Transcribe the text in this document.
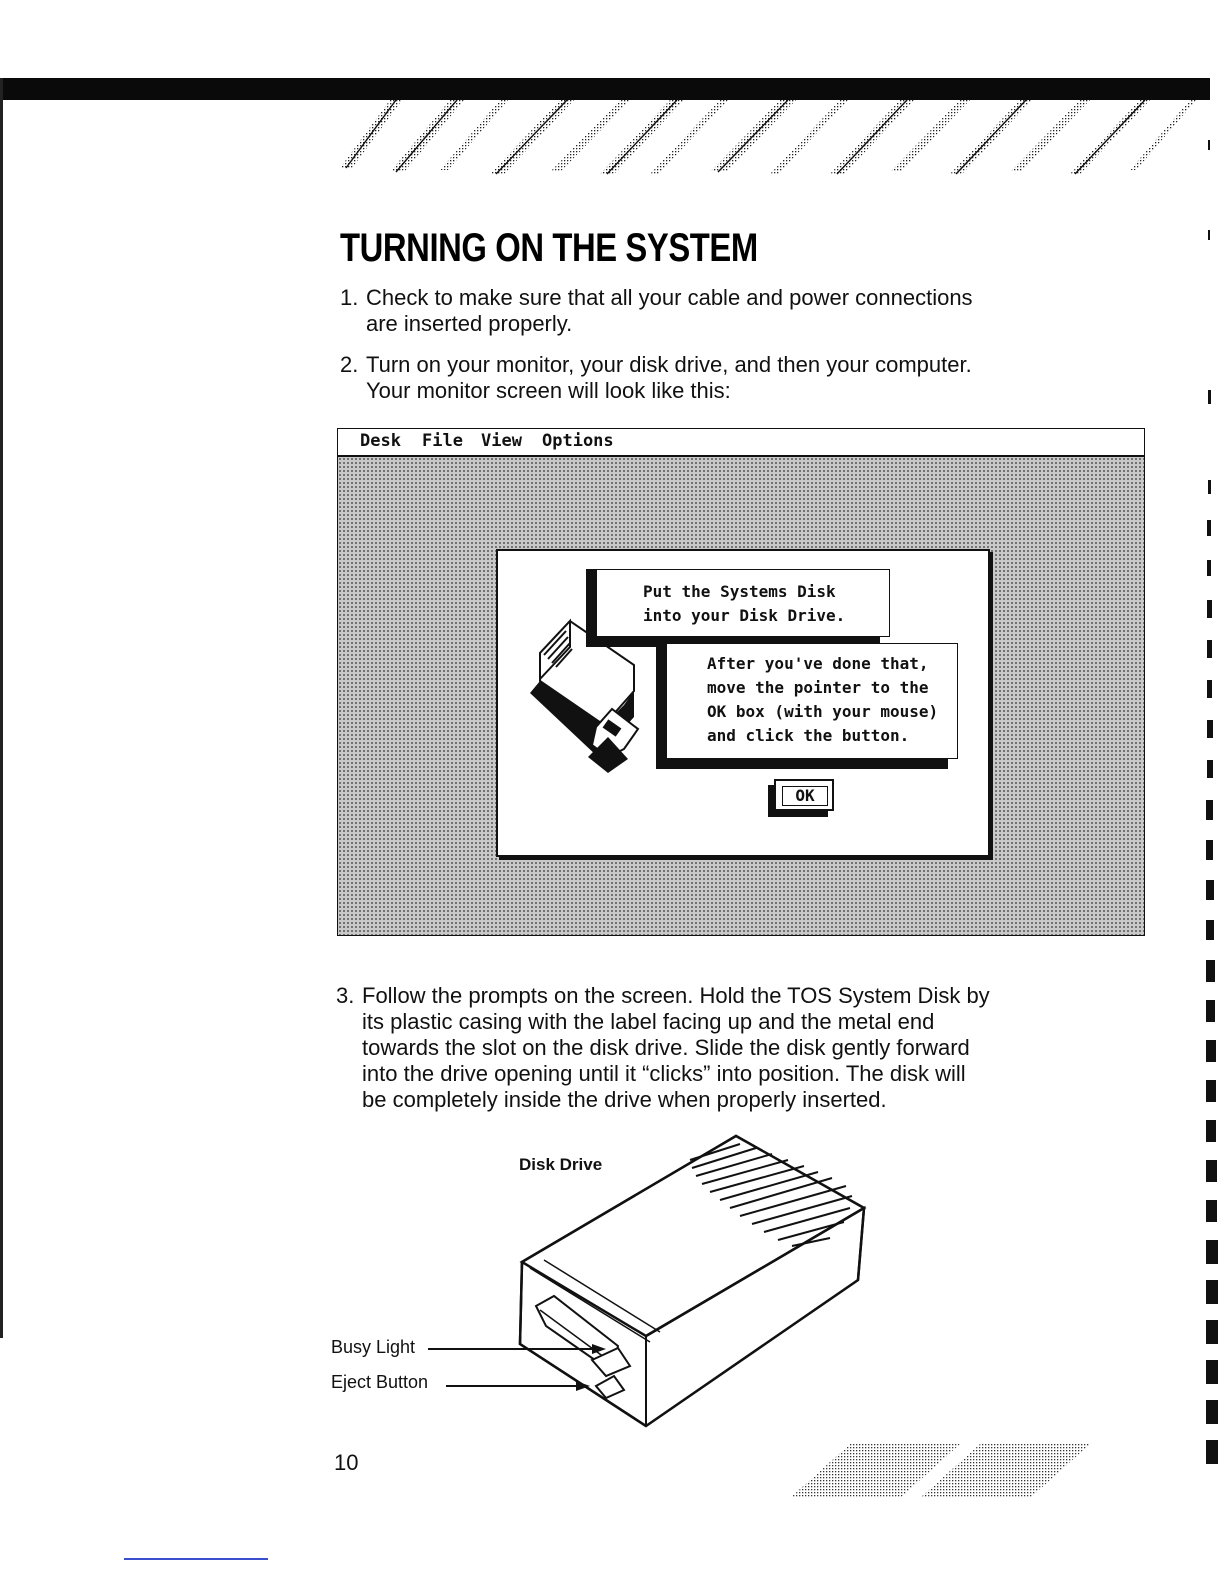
TURNING ON THE SYSTEM
1. Check to make sure that all your cable and power connections
are inserted properly.
2. Turn on your monitor, your disk drive, and then your computer.
Your monitor screen will look like this:
Desk File View Options
Put the Systems Disk
into your Disk Drive.
After you've done that,
move the pointer to the
OK box (with your mouse)
and click the button.
OK
3. Follow the prompts on the screen. Hold the TOS System Disk by
its plastic casing with the label facing up and the metal end
towards the slot on the disk drive. Slide the disk gently forward
into the drive opening until it “clicks” into position. The disk will
be completely inside the drive when properly inserted.
Disk Drive
Busy Light
Eject Button
10
